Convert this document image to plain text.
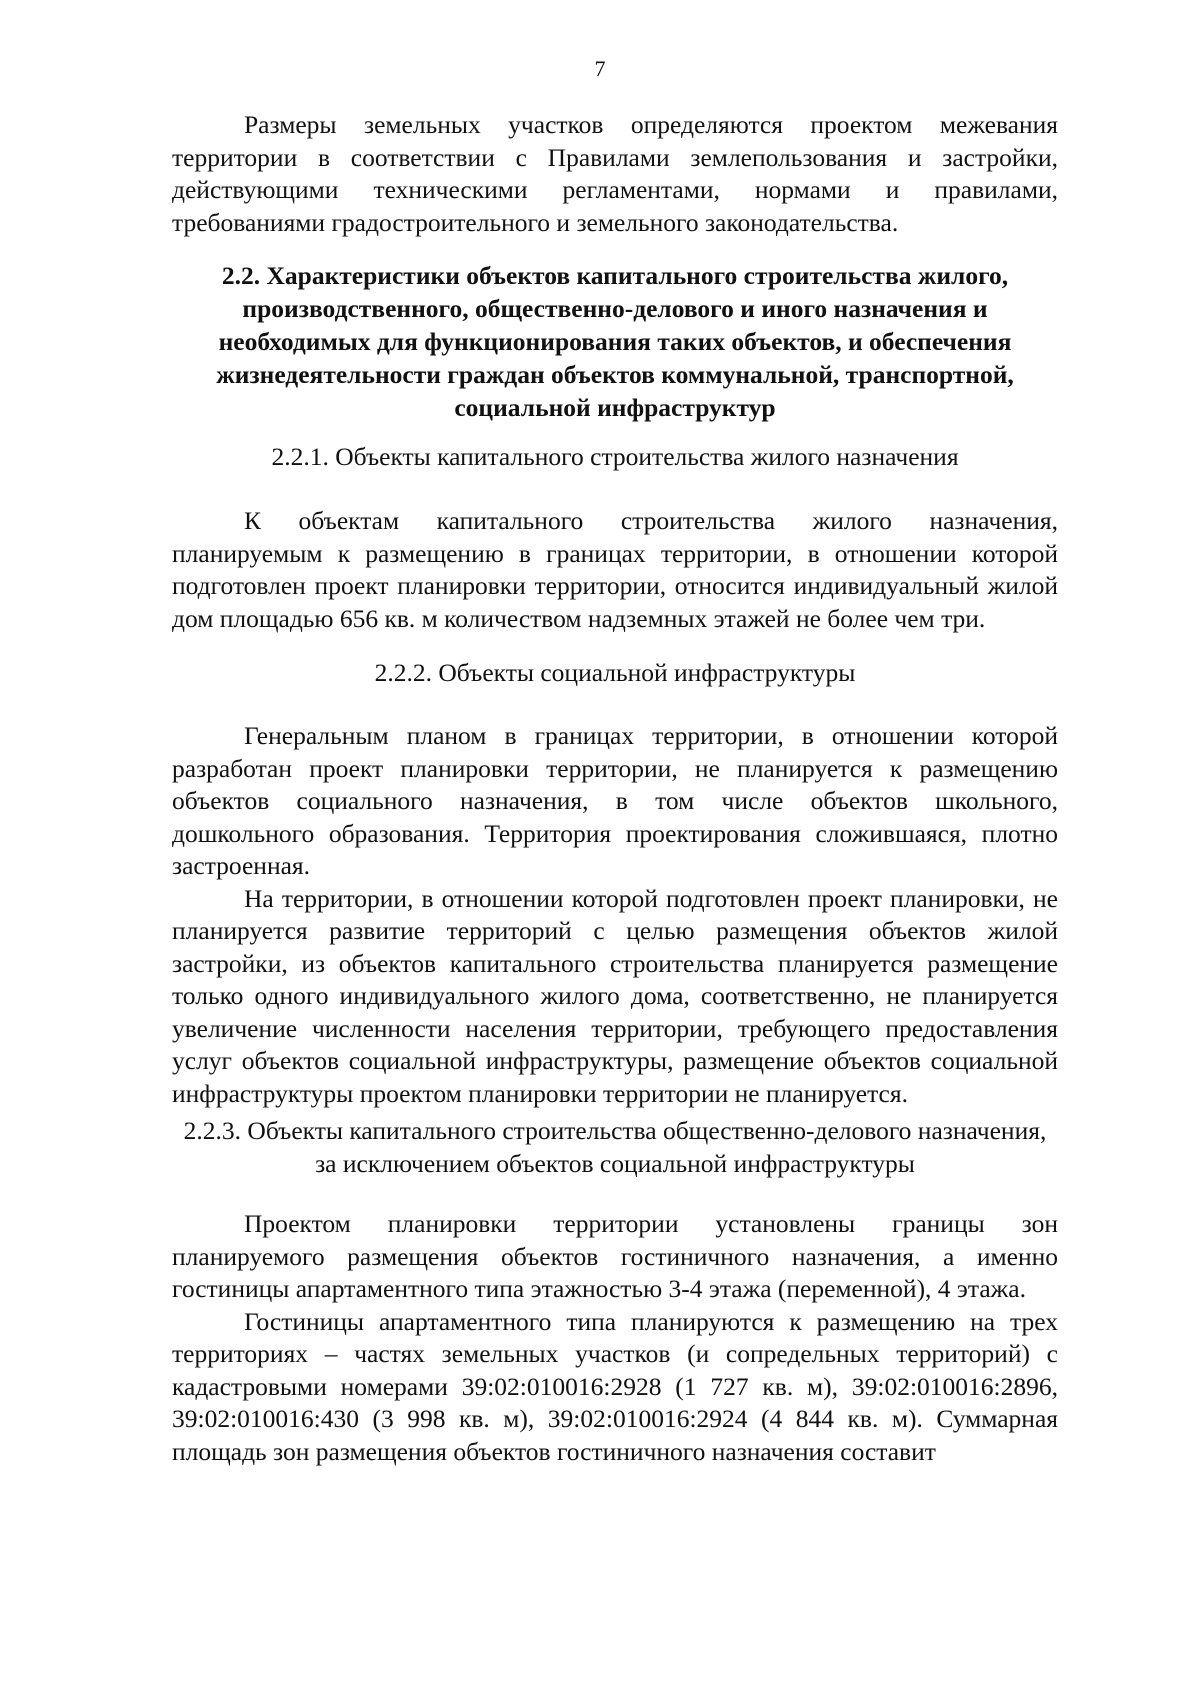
7

Размеры земельных участков определяются проектом межевания территории в соответствии с Правилами землепользования и застройки, действующими техническими регламентами, нормами и правилами, требованиями градостроительного и земельного законодательства.

2.2. Характеристики объектов капитального строительства жилого, производственного, общественно-делового и иного назначения и необходимых для функционирования таких объектов, и обеспечения жизнедеятельности граждан объектов коммунальной, транспортной, социальной инфраструктур

2.2.1. Объекты капитального строительства жилого назначения

К объектам капитального строительства жилого назначения, планируемым к размещению в границах территории, в отношении которой подготовлен проект планировки территории, относится индивидуальный жилой дом площадью 656 кв. м количеством надземных этажей не более чем три.

2.2.2. Объекты социальной инфраструктуры

Генеральным планом в границах территории, в отношении которой разработан проект планировки территории, не планируется к размещению объектов социального назначения, в том числе объектов школьного, дошкольного образования. Территория проектирования сложившаяся, плотно застроенная.

На территории, в отношении которой подготовлен проект планировки, не планируется развитие территорий с целью размещения объектов жилой застройки, из объектов капитального строительства планируется размещение только одного индивидуального жилого дома, соответственно, не планируется увеличение численности населения территории, требующего предоставления услуг объектов социальной инфраструктуры, размещение объектов социальной инфраструктуры проектом планировки территории не планируется.

2.2.3. Объекты капитального строительства общественно-делового назначения,

за исключением объектов социальной инфраструктуры

Проектом планировки территории установлены границы зон планируемого размещения объектов гостиничного назначения, а именно гостиницы апартаментного типа этажностью 3-4 этажа (переменной), 4 этажа.

Гостиницы апартаментного типа планируются к размещению на трех территориях – частях земельных участков (и сопредельных территорий) с кадастровыми номерами 39:02:010016:2928 (1 727 кв. м), 39:02:010016:2896, 39:02:010016:430 (3 998 кв. м), 39:02:010016:2924 (4 844 кв. м). Суммарная площадь зон размещения объектов гостиничного назначения составит
